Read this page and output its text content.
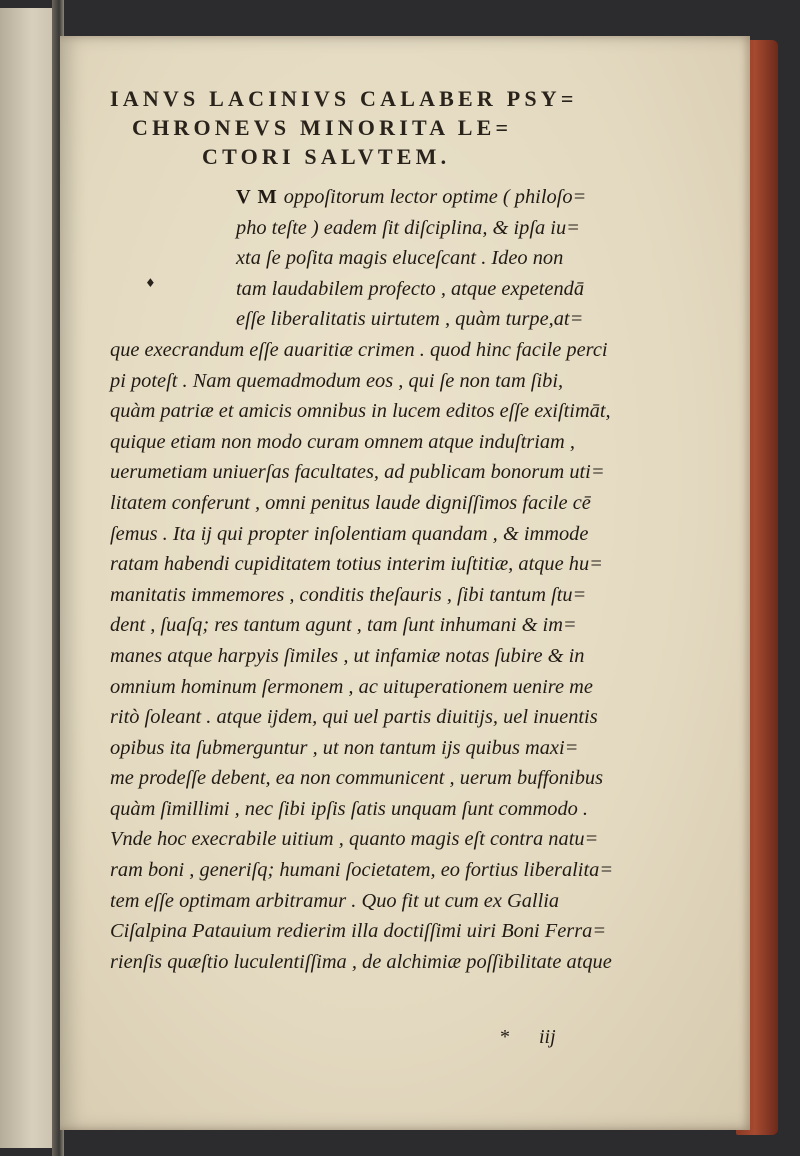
IANVS LACINIVS CALABER PSY=
CHRONEVS MINORITA LE=
CTORI SALVTEM.
♦
V M oppoſitorum lector optime ( philoſo=
pho teſte ) eadem ſit diſciplina, & ipſa iu=
xta ſe poſita magis eluceſcant . Ideo non
tam laudabilem profecto , atque expetendā
eſſe liberalitatis uirtutem , quàm turpe,at=
que execrandum eſſe auaritiæ crimen . quod hinc facile perci
pi poteſt . Nam quemadmodum eos , qui ſe non tam ſibi,
quàm patriæ et amicis omnibus in lucem editos eſſe exiſtimāt,
quique etiam non modo curam omnem atque induſtriam ,
uerumetiam uniuerſas facultates, ad publicam bonorum uti=
litatem conferunt , omni penitus laude digniſſimos facile cē
ſemus . Ita ij qui propter inſolentiam quandam , & immode
ratam habendi cupiditatem totius interim iuſtitiæ, atque hu=
manitatis immemores , conditis theſauris , ſibi tantum ſtu=
dent , ſuaſq; res tantum agunt , tam ſunt inhumani & im=
manes atque harpyis ſimiles , ut infamiæ notas ſubire & in
omnium hominum ſermonem , ac uituperationem uenire me
ritò ſoleant . atque ijdem, qui uel partis diuitijs, uel inuentis
opibus ita ſubmerguntur , ut non tantum ijs quibus maxi=
me prodeſſe debent, ea non communicent , uerum buffonibus
quàm ſimillimi , nec ſibi ipſis ſatis unquam ſunt commodo .
Vnde hoc execrabile uitium , quanto magis eſt contra natu=
ram boni , generiſq; humani ſocietatem, eo fortius liberalita=
tem eſſe optimam arbitramur . Quo fit ut cum ex Gallia
Ciſalpina Patauium redierim illa doctiſſimi uiri Boni Ferra=
rienſis quæſtio luculentiſſima , de alchimiæ poſſibilitate atque
* iij
